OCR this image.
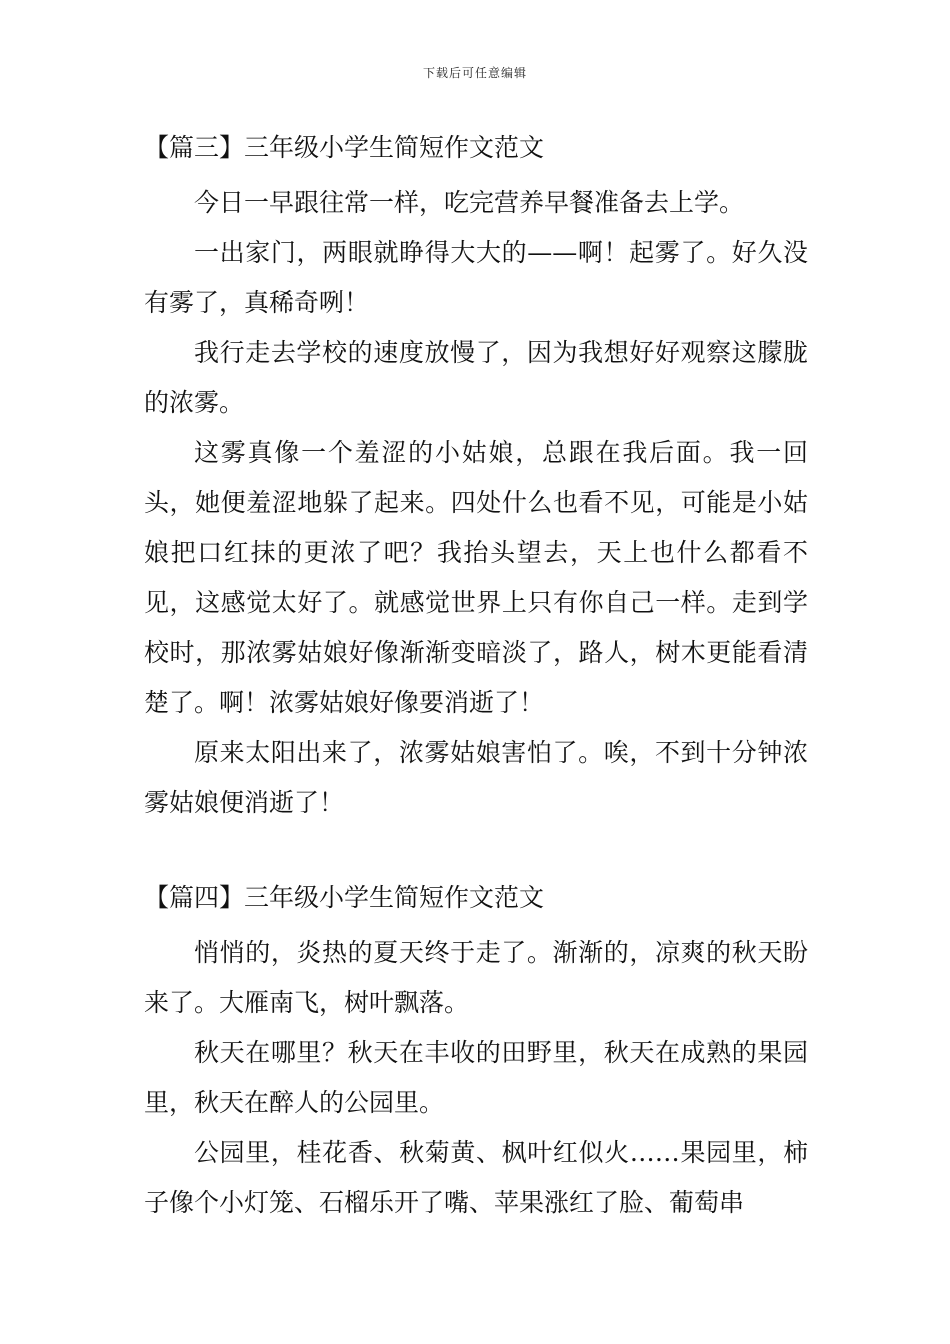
下载后可任意编辑
【篇三】三年级小学生简短作文范文

今日一早跟往常一样，吃完营养早餐准备去上学。

一出家门，两眼就睁得大大的——啊！起雾了。好久没有雾了，真稀奇咧！

我行走去学校的速度放慢了，因为我想好好观察这朦胧的浓雾。

这雾真像一个羞涩的小姑娘，总跟在我后面。我一回头，她便羞涩地躲了起来。四处什么也看不见，可能是小姑娘把口红抹的更浓了吧？我抬头望去，天上也什么都看不见，这感觉太好了。就感觉世界上只有你自己一样。走到学校时，那浓雾姑娘好像渐渐变暗淡了，路人，树木更能看清楚了。啊！浓雾姑娘好像要消逝了！

原来太阳出来了，浓雾姑娘害怕了。唉，不到十分钟浓雾姑娘便消逝了！

【篇四】三年级小学生简短作文范文

悄悄的，炎热的夏天终于走了。渐渐的，凉爽的秋天盼来了。大雁南飞，树叶飘落。

秋天在哪里？秋天在丰收的田野里，秋天在成熟的果园里，秋天在醉人的公园里。

公园里，桂花香、秋菊黄、枫叶红似火……果园里，柿子像个小灯笼、石榴乐开了嘴、苹果涨红了脸、葡萄串
